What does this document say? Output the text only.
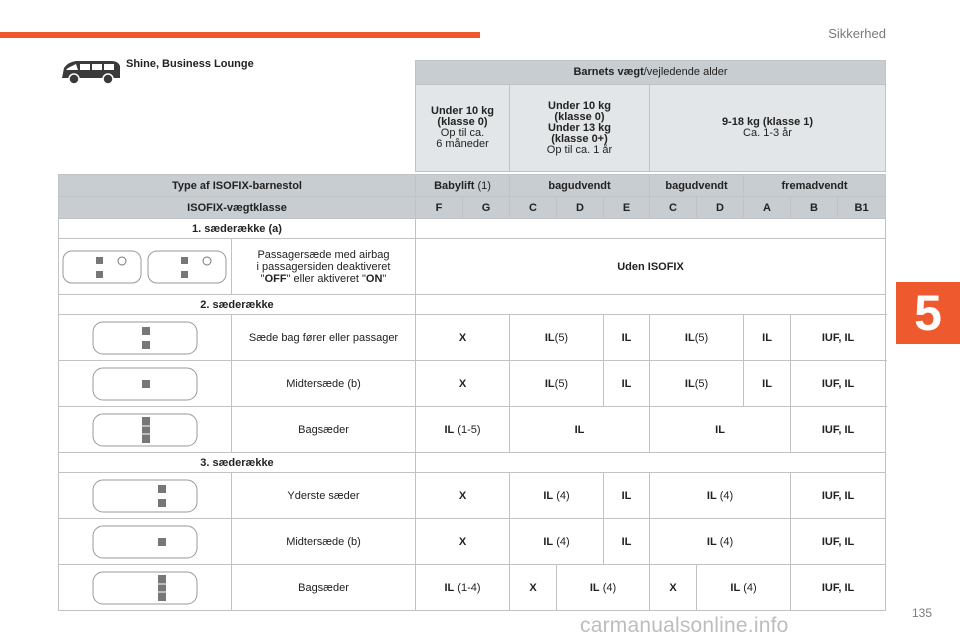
Sikkerhed
5
135
carmanualsonline.info
Shine, Business Lounge
Barnets vægt/vejledende alder

Under 10 kg
(klasse 0)
Op til ca.
6 måneder

Under 10 kg
(klasse 0)
Under 13 kg
(klasse 0+)
Op til ca. 1 år

9-18 kg (klasse 1)
Ca. 1-3 år
Type af ISOFIX-barnestol		Babylift (1)		bagudvendt			bagudvendt		fremadvendt		
ISOFIX-vægtklasse		F	G	C	D	E	C	D	A	B	B1
1. sæderække (a)											

Passagersæde med airbag
i passagersiden deaktiveret
"OFF" eller aktiveret "ON"	Uden ISOFIX									
2. sæderække											

	Sæde bag fører eller passager	X		IL(5)		IL	IL(5)		IL	IUF, IL	

	Midtersæde (b)	X		IL(5)		IL	IL(5)		IL	IUF, IL	

	Bagsæder	IL (1-5)		IL			IL			IUF, IL	
3. sæderække											

	Yderste sæder	X		IL (4)		IL	IL (4)			IUF, IL	

	Midtersæde (b)	X		IL (4)		IL	IL (4)			IUF, IL	

	Bagsæder	IL (1-4)		X	IL (4)		X	IL (4)		IUF, IL	
